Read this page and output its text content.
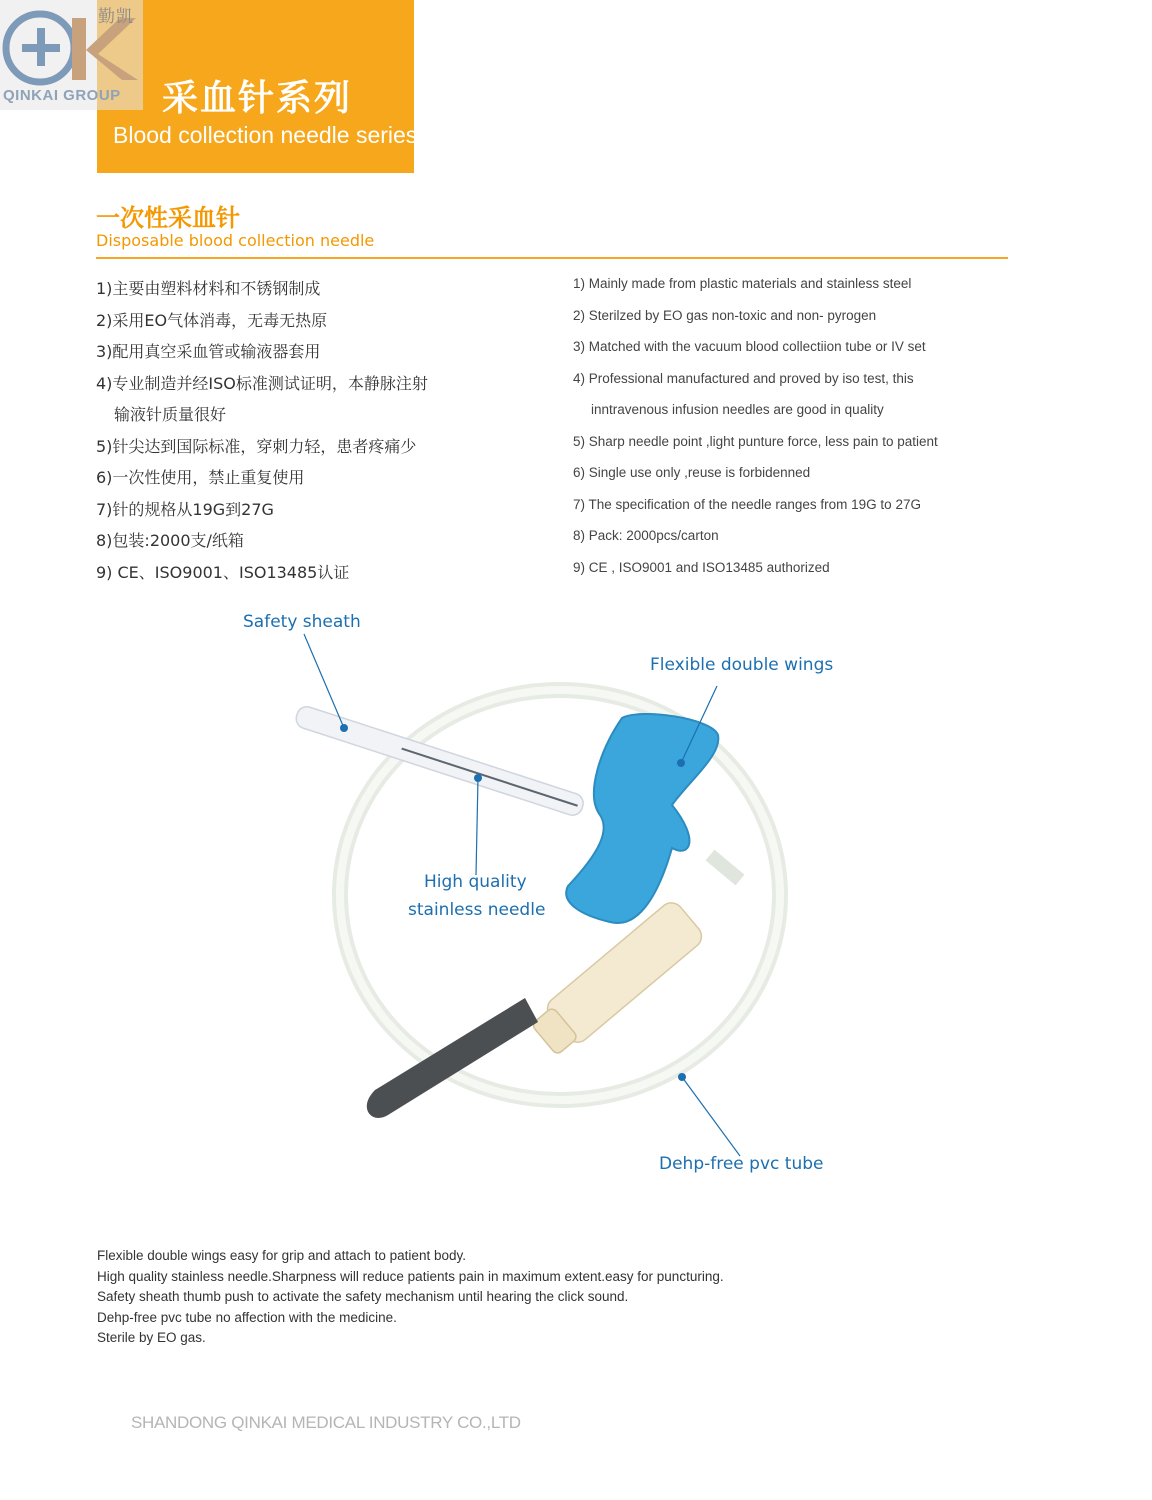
采血针系列
Blood collection needle series
勤凯
QINKAI GROUP
一次性采血针
Disposable blood collection needle
1)主要由塑料材料和不锈钢制成
2)采用EO气体消毒，无毒无热原
3)配用真空采血管或输液器套用
4)专业制造并经ISO标准测试证明，本静脉注射
输液针质量很好
5)针尖达到国际标准，穿刺力轻，患者疼痛少
6)一次性使用，禁止重复使用
7)针的规格从19G到27G
8)包装:2000支/纸箱
9) CE、ISO9001、ISO13485认证
1) Mainly made from plastic materials and stainless steel
2) Sterilzed by EO gas non-toxic and non- pyrogen
3) Matched with the vacuum blood collectiion tube or IV set
4) Professional manufactured and proved by iso test, this
inntravenous infusion needles are good in quality
5) Sharp needle point ,light punture force, less pain to patient
6) Single use only ,reuse is forbidenned
7) The specification of the needle ranges from 19G to 27G
8) Pack: 2000pcs/carton
9) CE , ISO9001 and ISO13485 authorized
Safety sheath
Flexible double wings
High quality
stainless needle
Dehp-free pvc tube
Flexible double wings easy for grip and attach to patient body.
High quality stainless needle.Sharpness will reduce patients pain in maximum extent.easy for puncturing.
Safety sheath thumb push to activate the safety mechanism until hearing the click sound.
Dehp-free pvc tube no affection with the medicine.
Sterile by EO gas.
SHANDONG QINKAI MEDICAL INDUSTRY CO.,LTD
